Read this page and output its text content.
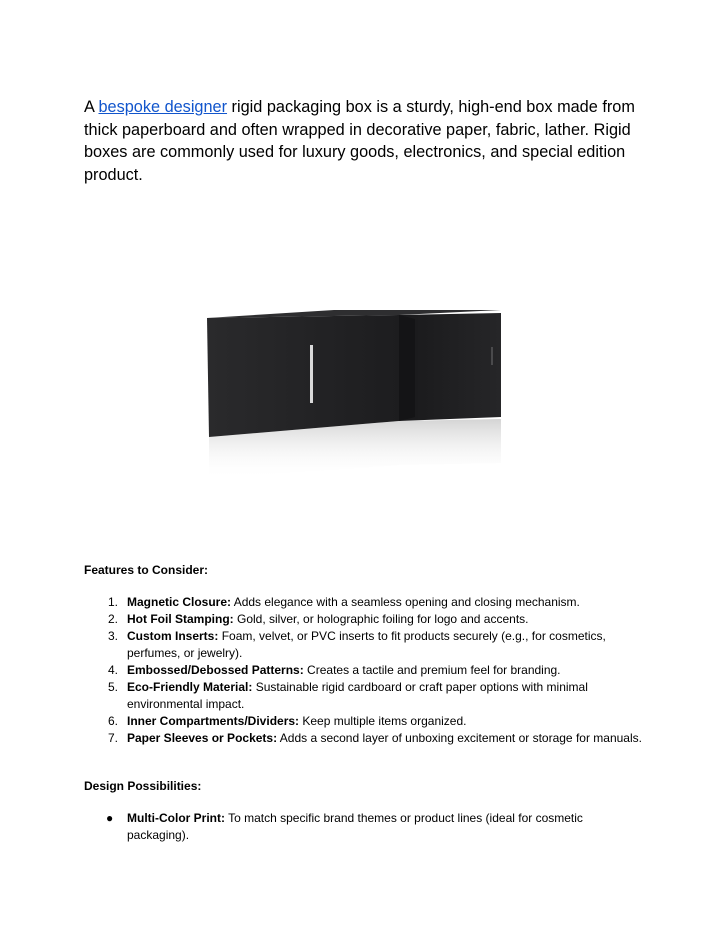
A bespoke designer rigid packaging box is a sturdy, high-end box made from thick paperboard and often wrapped in decorative paper, fabric, lather. Rigid boxes are commonly used for luxury goods, electronics, and special edition product.

Features to Consider:

1. Magnetic Closure: Adds elegance with a seamless opening and closing mechanism.
2. Hot Foil Stamping: Gold, silver, or holographic foiling for logo and accents.
3. Custom Inserts: Foam, velvet, or PVC inserts to fit products securely (e.g., for cosmetics, perfumes, or jewelry).
4. Embossed/Debossed Patterns: Creates a tactile and premium feel for branding.
5. Eco-Friendly Material: Sustainable rigid cardboard or craft paper options with minimal environmental impact.
6. Inner Compartments/Dividers: Keep multiple items organized.
7. Paper Sleeves or Pockets: Adds a second layer of unboxing excitement or storage for manuals.

Design Possibilities:

● Multi-Color Print: To match specific brand themes or product lines (ideal for cosmetic packaging).
